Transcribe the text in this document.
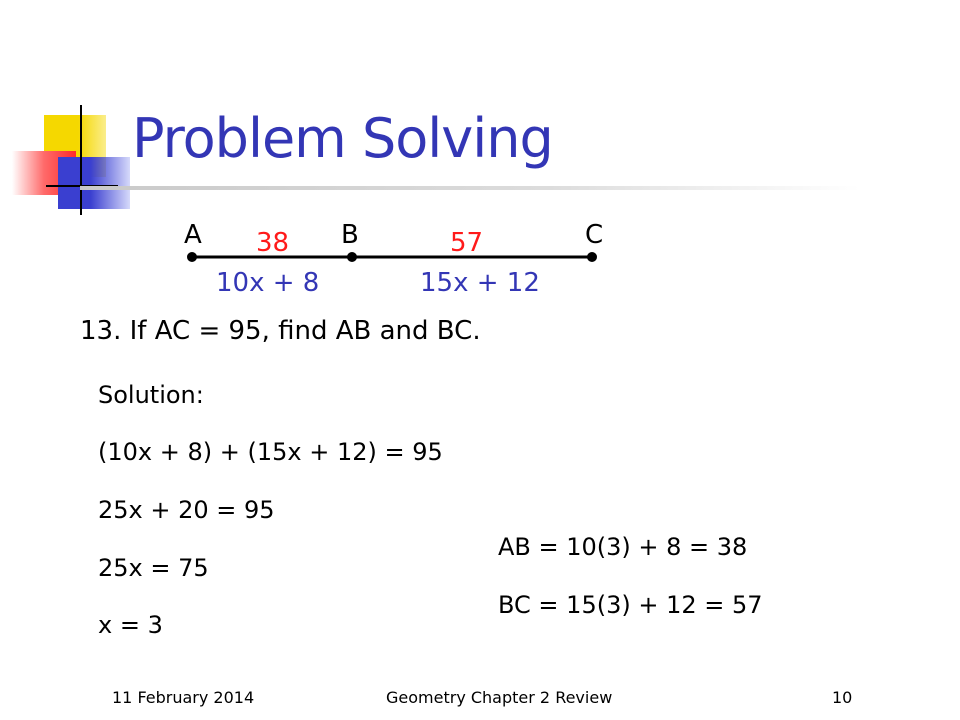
Problem Solving
A	B	C
38	57
10x + 8	15x + 12
13. If AC = 95, find AB and BC.
Solution:
(10x + 8) + (15x + 12) = 95
25x + 20 = 95
25x = 75
x = 3
AB = 10(3) + 8 = 38
BC = 15(3) + 12 = 57
11 February 2014	Geometry Chapter 2 Review	10
